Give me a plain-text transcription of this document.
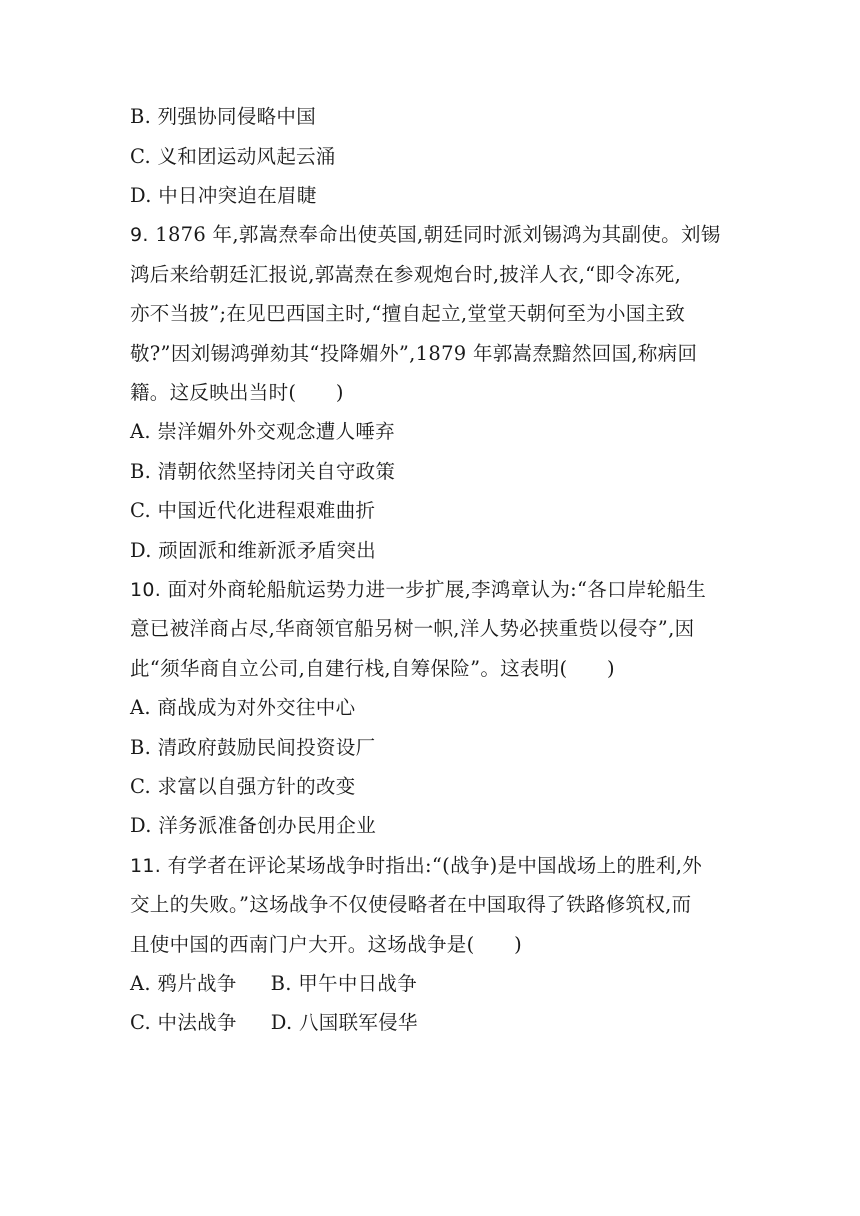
B. 列强协同侵略中国
C. 义和团运动风起云涌
D. 中日冲突迫在眉睫
9. 1876 年,郭嵩焘奉命出使英国,朝廷同时派刘锡鸿为其副使。刘锡
鸿后来给朝廷汇报说,郭嵩焘在参观炮台时,披洋人衣,“即令冻死,
亦不当披”;在见巴西国主时,“擅自起立,堂堂天朝何至为小国主致
敬?”因刘锡鸿弹劾其“投降媚外”,1879 年郭嵩焘黯然回国,称病回
籍。这反映出当时(　　)
A. 崇洋媚外外交观念遭人唾弃
B. 清朝依然坚持闭关自守政策
C. 中国近代化进程艰难曲折
D. 顽固派和维新派矛盾突出
10. 面对外商轮船航运势力进一步扩展,李鸿章认为:“各口岸轮船生
意已被洋商占尽,华商领官船另树一帜,洋人势必挟重赀以侵夺”,因
此“须华商自立公司,自建行栈,自筹保险”。这表明(　　)
A. 商战成为对外交往中心
B. 清政府鼓励民间投资设厂
C. 求富以自强方针的改变
D. 洋务派准备创办民用企业
11. 有学者在评论某场战争时指出:“(战争)是中国战场上的胜利,外
交上的失败。”这场战争不仅使侵略者在中国取得了铁路修筑权,而
且使中国的西南门户大开。这场战争是(　　)
A. 鸦片战争 B. 甲午中日战争
C. 中法战争 D. 八国联军侵华
